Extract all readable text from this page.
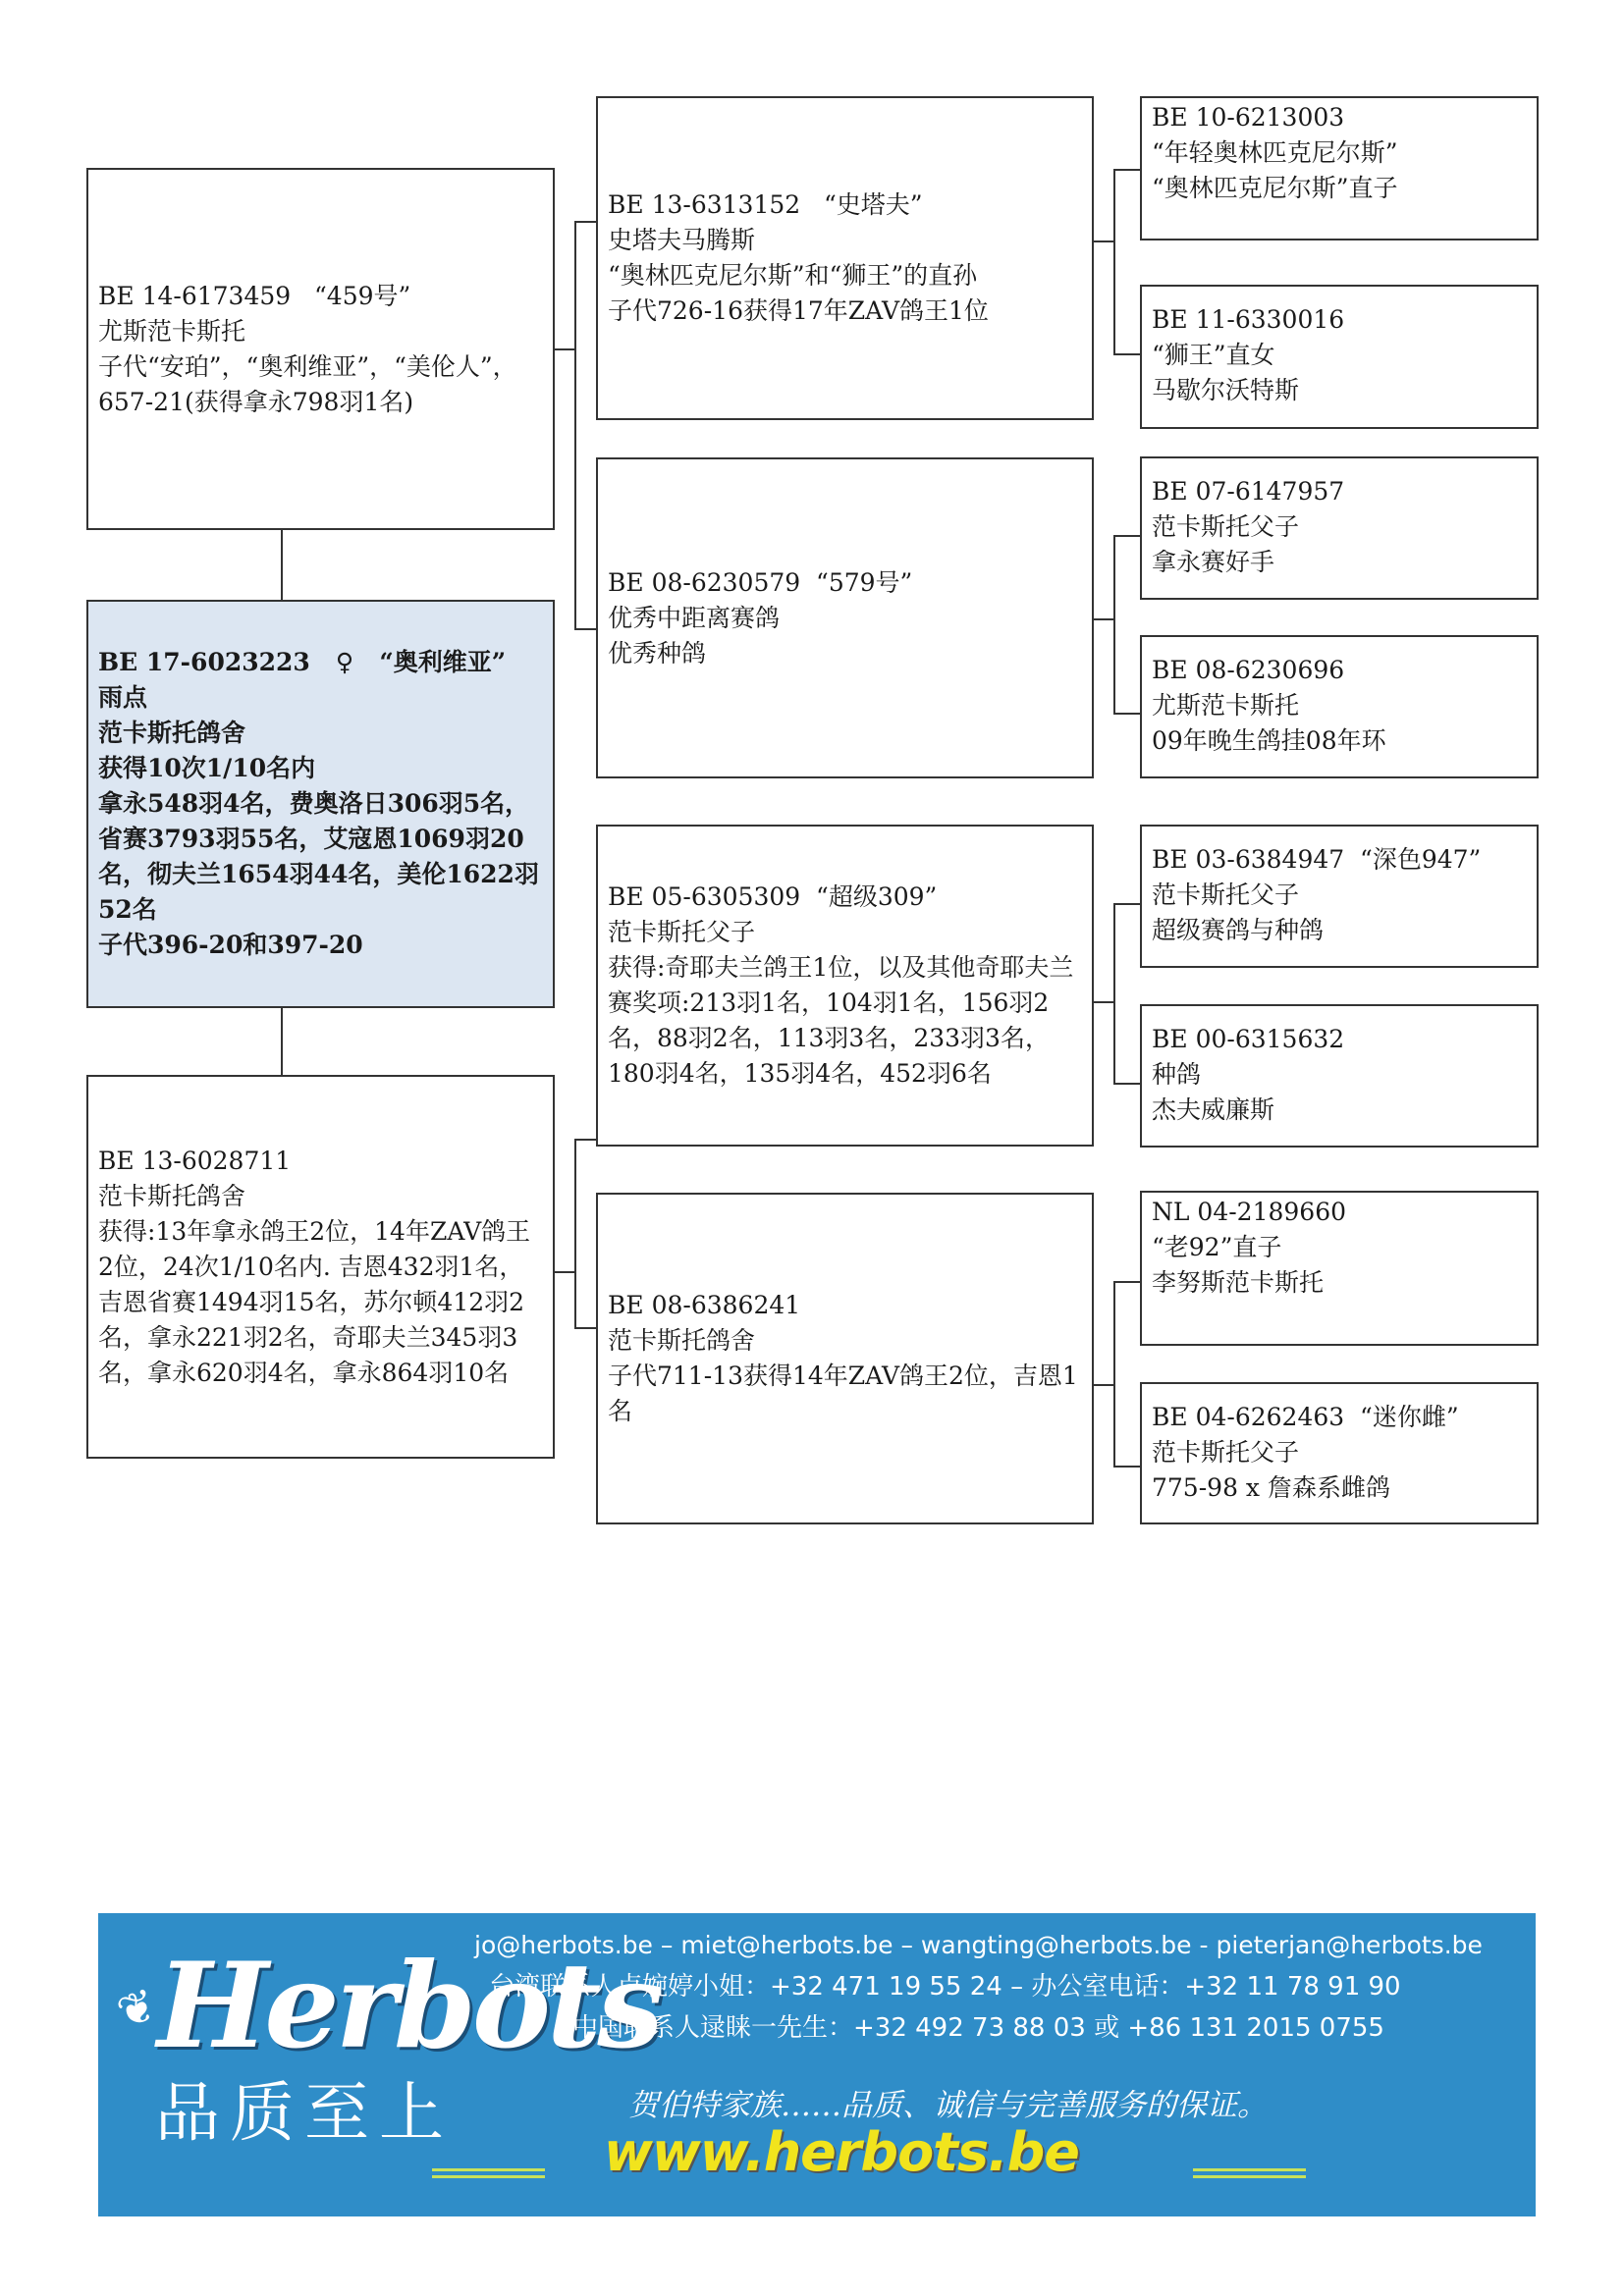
BE 14-6173459   “459号”
尤斯范卡斯托
子代“安珀”，“奥利维亚”，“美伦人”，657-21(获得拿永798羽1名)
BE 17-6023223   ♀   “奥利维亚”
雨点
范卡斯托鸽舍
获得10次1/10名内
拿永548羽4名，费奥洛日306羽5名，省赛3793羽55名，艾寇恩1069羽20名，彻夫兰1654羽44名，美伦1622羽52名
子代396-20和397-20
BE 13-6028711
范卡斯托鸽舍
获得:13年拿永鸽王2位，14年ZAV鸽王2位，24次1/10名内. 吉恩432羽1名，吉恩省赛1494羽15名，苏尔顿412羽2名，拿永221羽2名，奇耶夫兰345羽3名，拿永620羽4名，拿永864羽10名
BE 13-6313152   “史塔夫”
史塔夫马腾斯
“奥林匹克尼尔斯”和“狮王”的直孙
子代726-16获得17年ZAV鸽王1位
BE 08-6230579  “579号”
优秀中距离赛鸽
优秀种鸽
BE 05-6305309  “超级309”
范卡斯托父子
获得:奇耶夫兰鸽王1位，以及其他奇耶夫兰赛奖项:213羽1名，104羽1名，156羽2名，88羽2名，113羽3名，233羽3名，180羽4名，135羽4名，452羽6名
BE 08-6386241
范卡斯托鸽舍
子代711-13获得14年ZAV鸽王2位，吉恩1名
BE 10-6213003
“年轻奥林匹克尼尔斯”
“奥林匹克尼尔斯”直子
BE 11-6330016
“狮王”直女
马歇尔沃特斯
BE 07-6147957
范卡斯托父子
拿永赛好手
BE 08-6230696
尤斯范卡斯托
09年晚生鸽挂08年环
BE 03-6384947  “深色947”
范卡斯托父子
超级赛鸽与种鸽
BE 00-6315632
种鸽
杰夫威廉斯
NL 04-2189660
“老92”直子
李努斯范卡斯托
BE 04-6262463  “迷你雌”
范卡斯托父子
775-98 x 詹森系雌鸽
❦
Herbots
品质至上
jo@herbots.be – miet@herbots.be – wangting@herbots.be - pieterjan@herbots.be
台湾联系人卢婉婷小姐：+32 471 19 55 24 – 办公室电话：+32 11 78 91 90
中国联系人逯睐一先生：+32 492 73 88 03 或 +86 131 2015 0755
贺伯特家族……品质、诚信与完善服务的保证。
www.herbots.be
